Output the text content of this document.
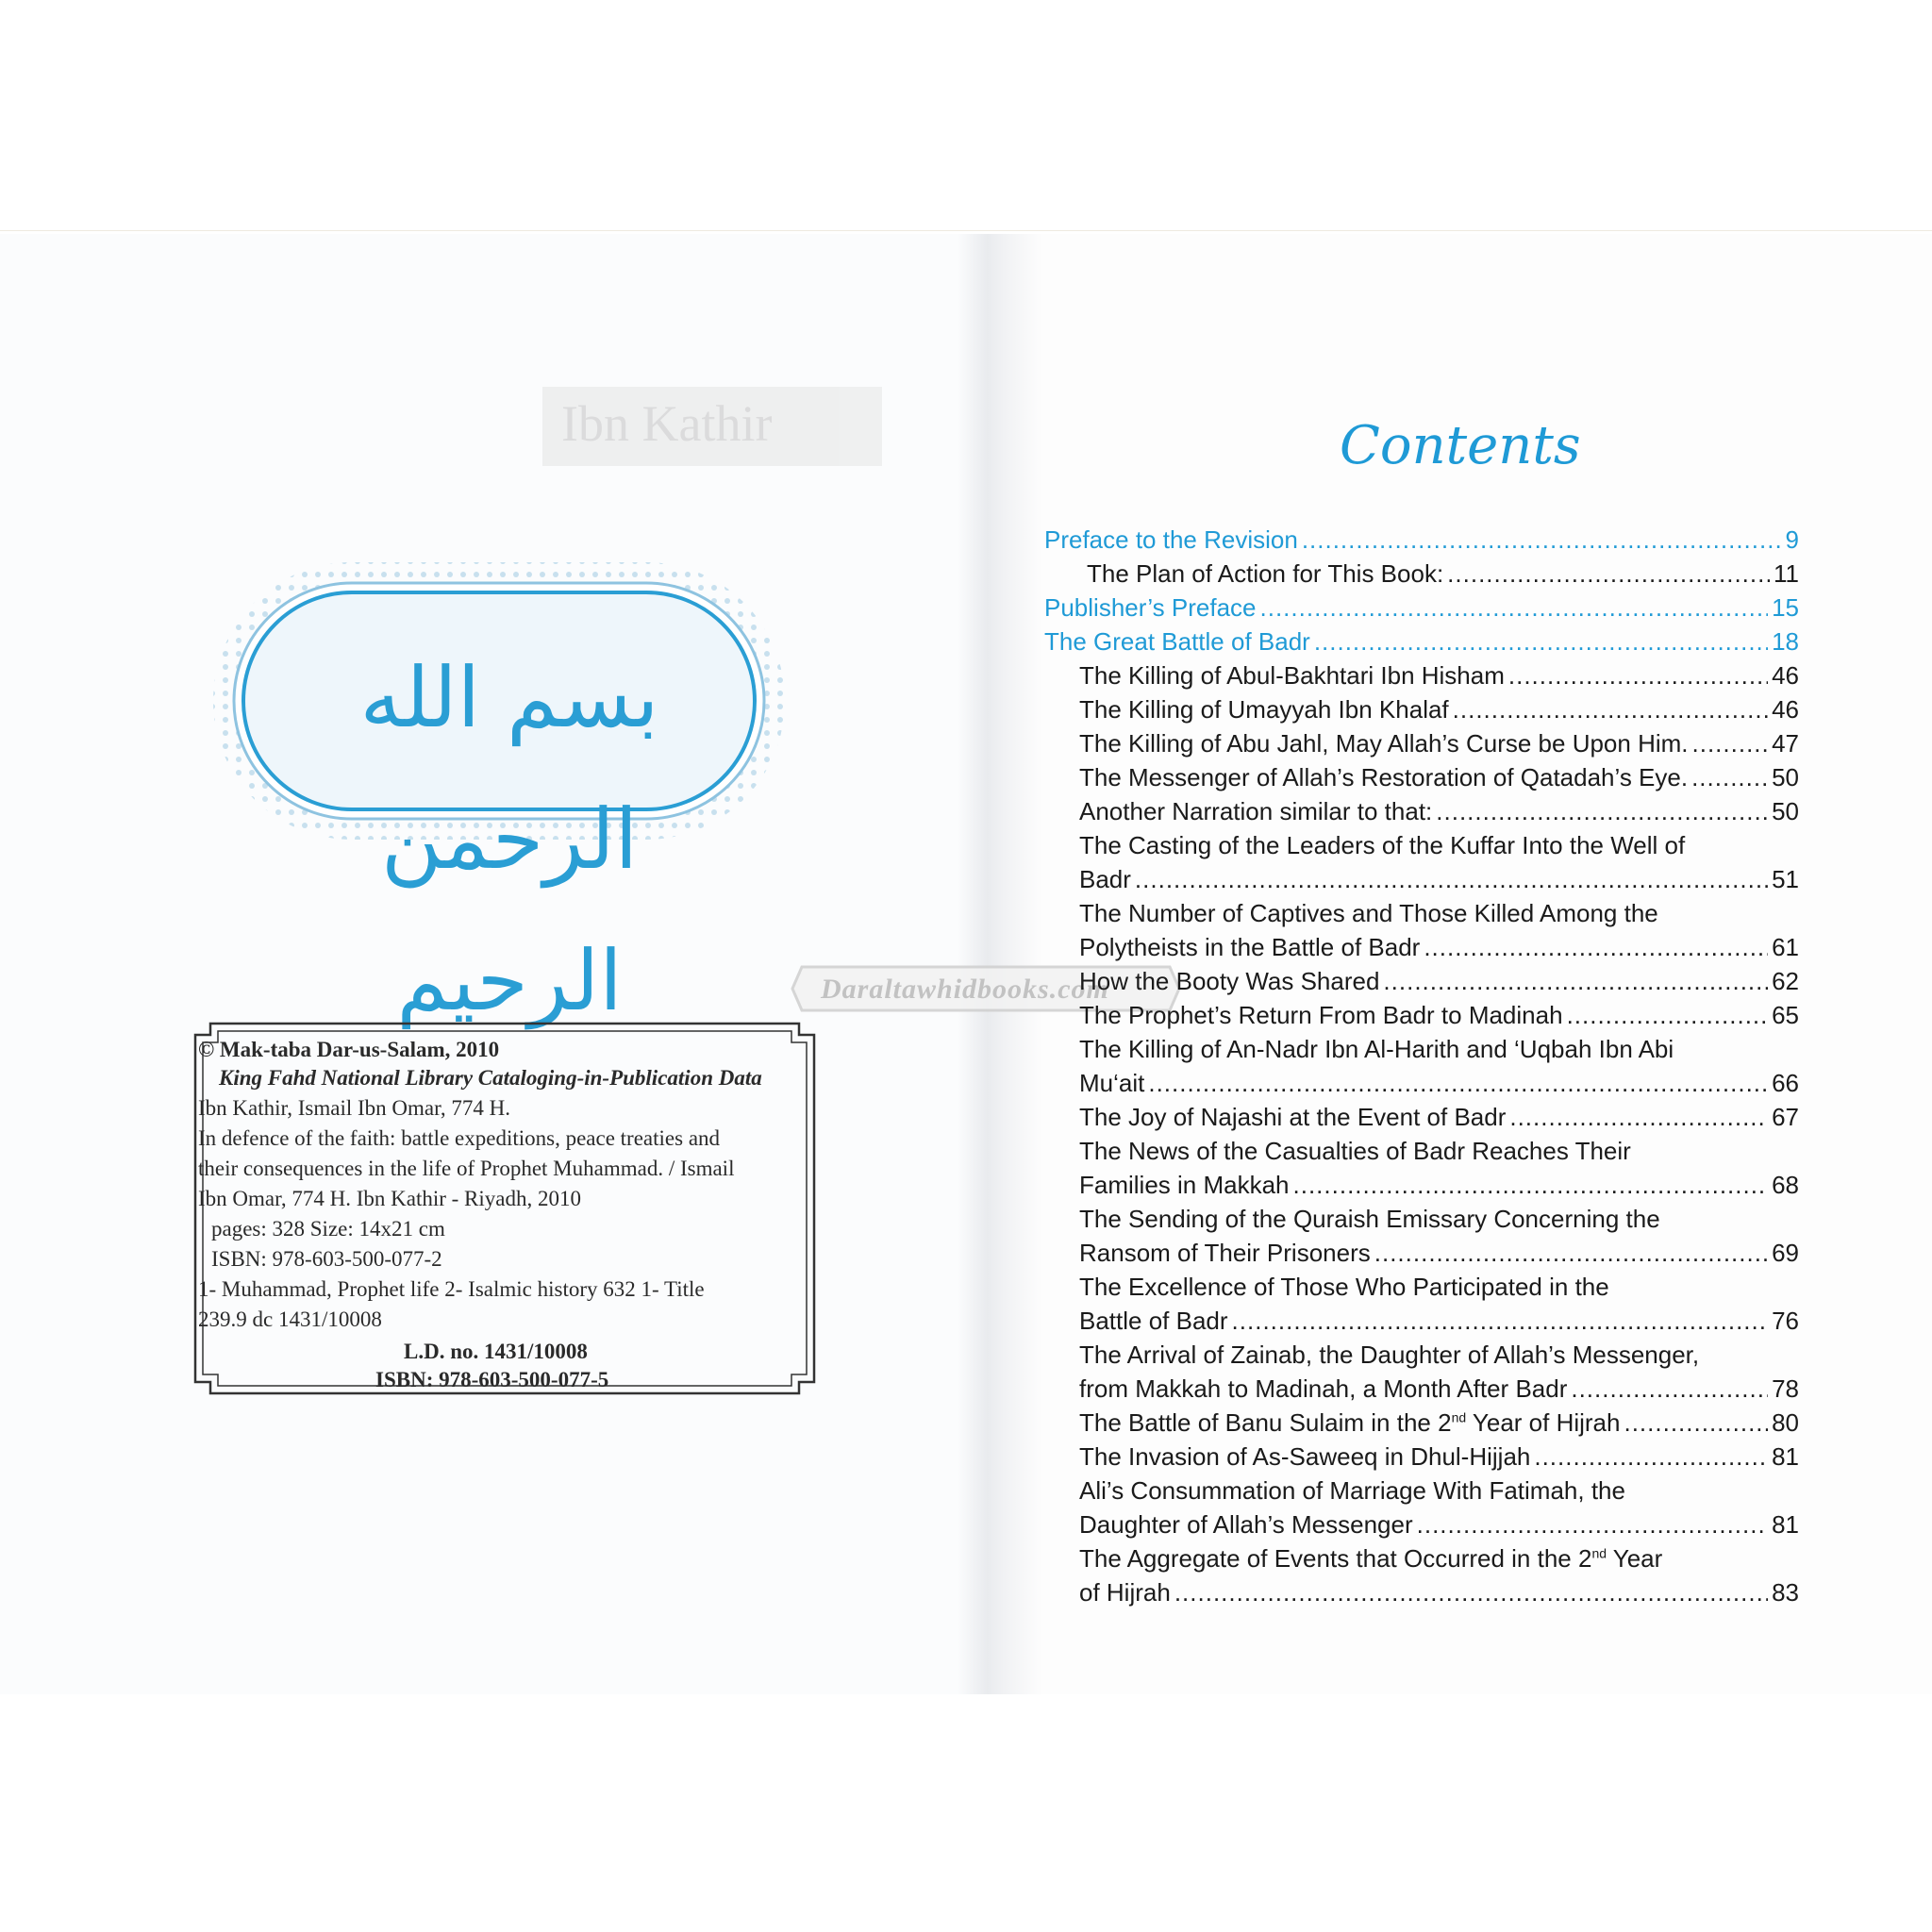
Ibn Kathir
بسم الله الرحمن الرحيم
© Mak-taba Dar-us-Salam, 2010
King Fahd National Library Cataloging-in-Publication Data
Ibn Kathir, Ismail Ibn Omar, 774 H.
In defence of the faith: battle expeditions, peace treaties and
their consequences in the life of Prophet Muhammad. / Ismail
Ibn Omar, 774 H. Ibn Kathir - Riyadh, 2010
pages: 328 Size: 14x21 cm
ISBN: 978-603-500-077-2
1- Muhammad, Prophet life 2- Isalmic history 632 1- Title
239.9 dc 1431/10008
L.D. no. 1431/10008
ISBN: 978-603-500-077-5
Daraltawhidbooks.com
Contents
Preface to the Revision .....	9
The Plan of Action for This Book: .....	11
Publisher’s Preface .....	15
The Great Battle of Badr .....	18
The Killing of Abul-Bakhtari Ibn Hisham .....	46
The Killing of Umayyah Ibn Khalaf .....	46
The Killing of Abu Jahl, May Allah’s Curse be Upon Him. .....	47
The Messenger of Allah’s Restoration of Qatadah’s Eye. .....	50
Another Narration similar to that: .....	50
The Casting of the Leaders of the Kuffar Into the Well of
Badr .....	51
The Number of Captives and Those Killed Among the
Polytheists in the Battle of Badr .....	61
How the Booty Was Shared .....	62
The Prophet’s Return From Badr to Madinah .....	65
The Killing of An-Nadr Ibn Al-Harith and ‘Uqbah Ibn Abi
Mu‘ait .....	66
The Joy of Najashi at the Event of Badr .....	67
The News of the Casualties of Badr Reaches Their
Families in Makkah .....	68
The Sending of the Quraish Emissary Concerning the
Ransom of Their Prisoners .....	69
The Excellence of Those Who Participated in the
Battle of Badr .....	76
The Arrival of Zainab, the Daughter of Allah’s Messenger,
from Makkah to Madinah, a Month After Badr .....	78
The Battle of Banu Sulaim in the 2nd Year of Hijrah .....	80
The Invasion of As-Saweeq in Dhul-Hijjah .....	81
Ali’s Consummation of Marriage With Fatimah, the
Daughter of Allah’s Messenger .....	81
The Aggregate of Events that Occurred in the 2nd Year
of Hijrah .....	83
